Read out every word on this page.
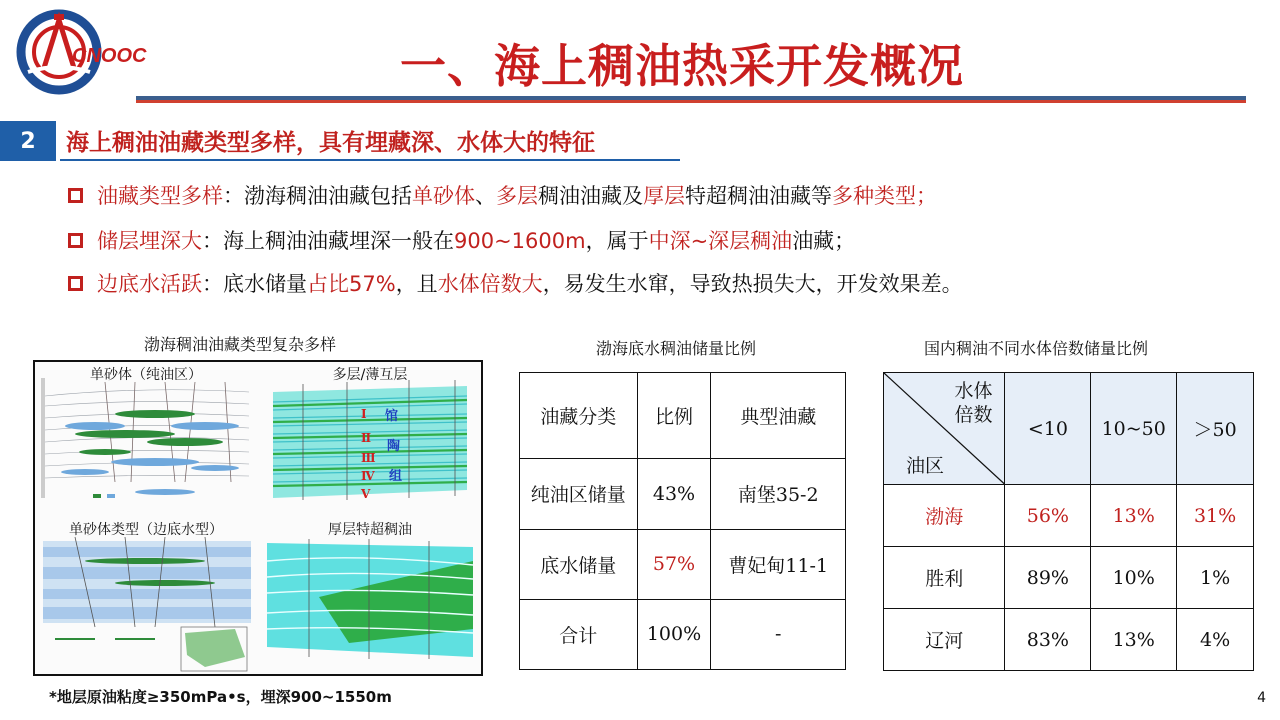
CNOOC	一、海上稠油热采开发概况
2	海上稠油油藏类型多样，具有埋藏深、水体大的特征
油藏类型多样：渤海稠油油藏包括单砂体、多层稠油油藏及厚层特超稠油油藏等多种类型；
储层埋深大：海上稠油油藏埋深一般在900~1600m，属于中深~深层稠油油藏；
边底水活跃：底水储量占比57%，且水体倍数大，易发生水窜，导致热损失大，开发效果差。
渤海稠油油藏类型复杂多样
单砂体（纯油区）
Ⅰ
Ⅱ
Ⅲ
Ⅳ
Ⅴ
馆
陶
组
多层/薄互层
单砂体类型（边底水型）	厚层特超稠油
渤海底水稠油储量比例
油藏分类	比例	典型油藏
纯油区储量	43%	南堡35-2
底水储量	57%	曹妃甸11-1
合计	100%	-
国内稠油不同水体倍数储量比例
水体
倍数
油区	<10	10~50	＞50
渤海	56%	13%	31%
胜利	89%	10%	1%
辽河	83%	13%	4%
*地层原油粘度≥350mPa•s，埋深900~1550m	4
